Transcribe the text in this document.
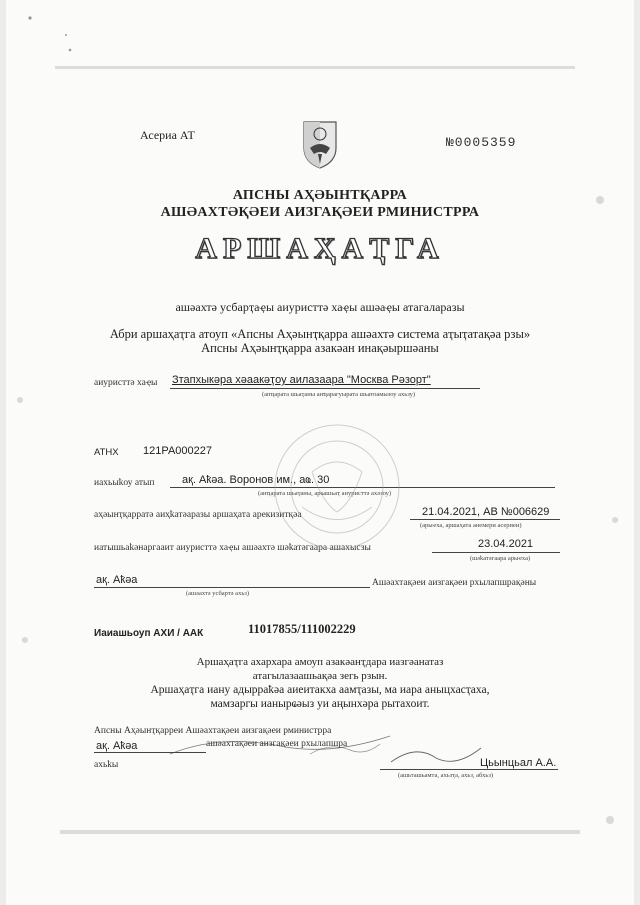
Асериа АТ	№0005359
АПСНЫ АҲӘЫНТҚАРРА
АШӘАХТӘҚӘЕИ АИЗГАҚӘЕИ РМИНИСТРРА
АРШАҲАҬГА
ашәахтә усбарҭаҿы аиуристтә хаҿы ашәаҿы атагаларазы
Абри аршаҳаҭга атоуп «Апсны Аҳәынҭқарра ашәахтә система аҭыҭатақәа рзы»
Апсны Аҳәынҭқарра азакәан инақәыршәаны
аиуристтә хаҿы Зтапхыкәра хәаакәҭоу аилазаара "Москва Рәзорт"
(апҵарата шьаҭаны анҵарагуырата шьатоамызоу ахьзу)
АТНХ 121РА000227
иахьыҟоу атып	ақ. Аҟәа. Воронов им., аҩ. 30
(анҵарата шьаҭаны, арҩашьаҭ ануристтә ахәзоу)
аҳәынҭқарратә аиҳҟатәаразы аршаҳата арекизитқәа	21.04.2021, АВ №006629
(арыҽха, аршаҳата анемери асериеи)
иатышьаҟәнаргааит аиуристтә хаҿы ашәахтә шәҟатәгаара ашахысзы	23.04.2021
(шәҟатәгаара арыҽха)
ақ. Аҟәа
(ашәахтә усбартә ахьз)
Ашәахтақәеи аизгақәеи рхылапшрақәны
Иаиашьоуп АХИ / ААК	11017855/111002229
Аршаҳаҭга ахархара амоуп азакәанҭдара иазгәанатаз
атагылазаашьақәа зегь рзын.
Аршаҳаҭга иану адырраҟәа аиеитакха аамҭазы, ма иара аныцхасҭаха,
мамзаргы ианырҩәыз уи аңынхәра рытахоит.
Апсны Аҳәынҭқарреи Ашәахтақәеи аизгақәеи рминистрра
ашәахтақәеи аизгақәеи рхылапшра
ақ. Аҟәа
ахьҟы	Цьынцьал А.А.
(ашьташьамта, ахьзҭа, ахьз, абхьз)
